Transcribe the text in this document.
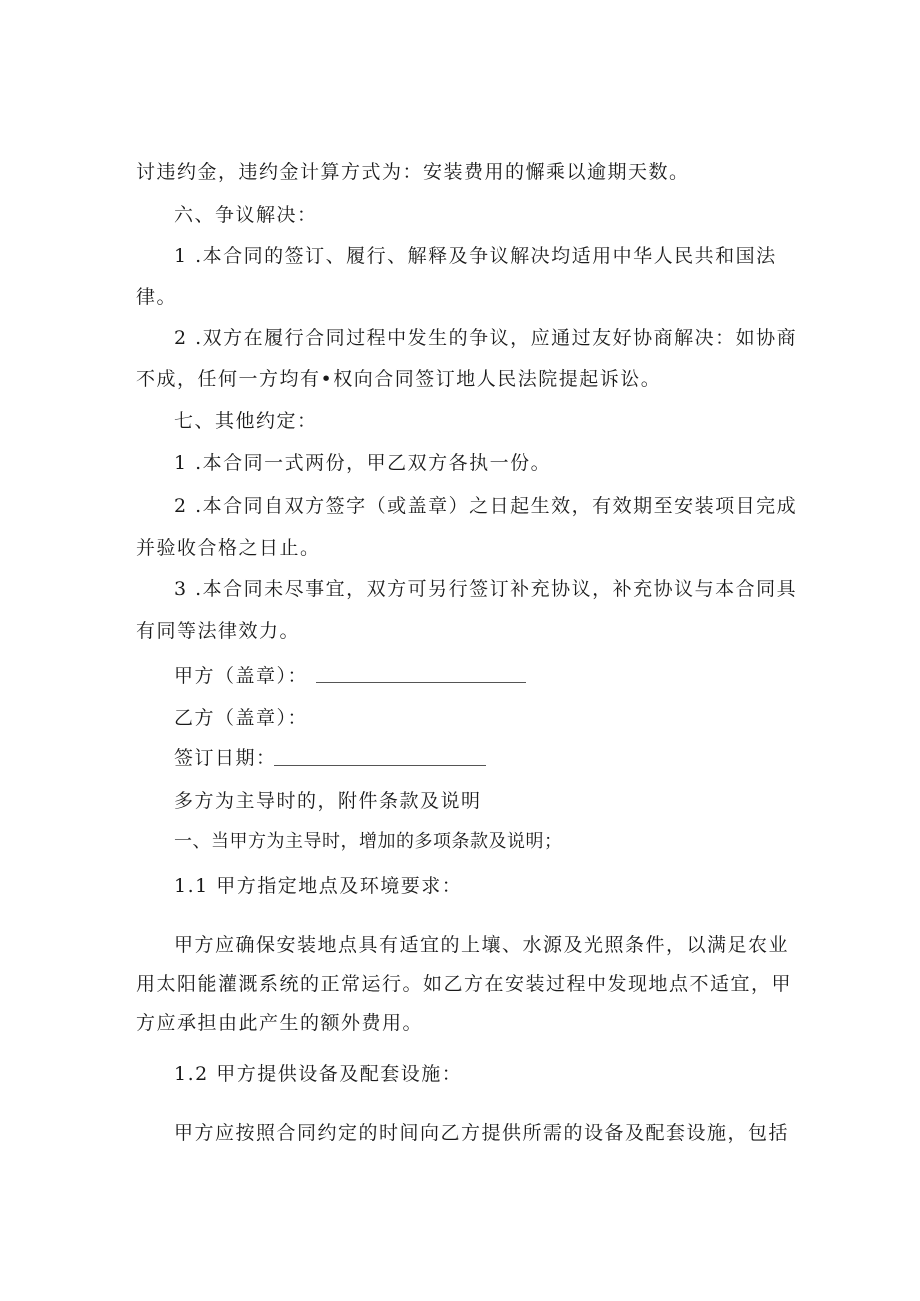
讨违约金，违约金计算方式为：安装费用的懈乘以逾期天数。
六、争议解决：
1 .本合同的签订、履行、解释及争议解决均适用中华人民共和国法
律。
2 .双方在履行合同过程中发生的争议，应通过友好协商解决：如协商
不成，任何一方均有•权向合同签订地人民法院提起诉讼。
七、其他约定：
1 .本合同一式两份，甲乙双方各执一份。
2 .本合同自双方签字（或盖章）之日起生效，有效期至安装项目完成
并验收合格之日止。
3 .本合同未尽事宜，双方可另行签订补充协议，补充协议与本合同具
有同等法律效力。
甲方（盖章）：
乙方（盖章）：
签订日期：
多方为主导时的，附件条款及说明
一、当甲方为主导时，增加的多项条款及说明；
1.1 甲方指定地点及环境要求：
甲方应确保安装地点具有适宜的上壤、水源及光照条件，以满足农业
用太阳能灌溉系统的正常运行。如乙方在安装过程中发现地点不适宜，甲
方应承担由此产生的额外费用。
1.2 甲方提供设备及配套设施：
甲方应按照合同约定的时间向乙方提供所需的设备及配套设施，包括
